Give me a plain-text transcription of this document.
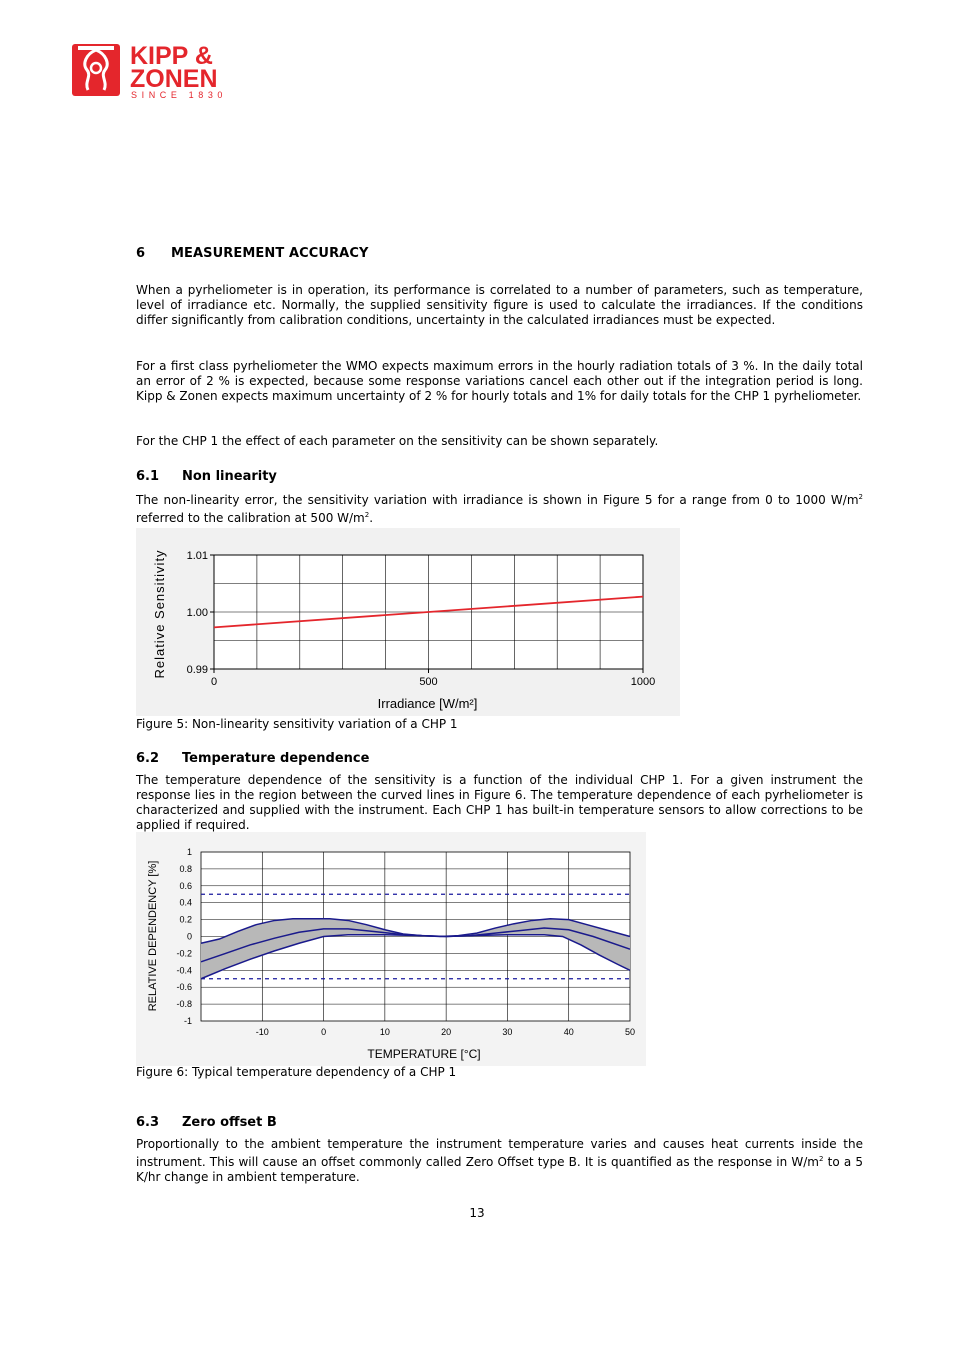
KIPP &
ZONEN
SINCE 1830
6 MEASUREMENT ACCURACY

When a pyrheliometer is in operation, its performance is correlated to a number of parameters, such as temperature, level of irradiance etc. Normally, the supplied sensitivity figure is used to calculate the irradiances. If the conditions differ significantly from calibration conditions, uncertainty in the calculated irradiances must be expected.

For a first class pyrheliometer the WMO expects maximum errors in the hourly radiation totals of 3 %. In the daily total an error of 2 % is expected, because some response variations cancel each other out if the integration period is long. Kipp & Zonen expects maximum uncertainty of 2 % for hourly totals and 1% for daily totals for the CHP 1 pyrheliometer.

For the CHP 1 the effect of each parameter on the sensitivity can be shown separately.

6.1 Non linearity

The non-linearity error, the sensitivity variation with irradiance is shown in Figure 5 for a range from 0 to 1000 $W/m^2$ referred to the calibration at 500 $W/m^2$.

0.99
1.00
1.01
0	500	1000
Irradiance [W/m²]
Relative Sensitivity
Figure 5: Non-linearity sensitivity variation of a CHP 1
6.2 Temperature dependence

The temperature dependence of the sensitivity is a function of the individual CHP 1. For a given instrument the response lies in the region between the curved lines in Figure 6. The temperature dependence of each pyrheliometer is characterized and supplied with the instrument. Each CHP 1 has built-in temperature sensors to allow corrections to be applied if required.

1
0.8
0.6
0.4
0.2
0
-0.2
-0.4
-0.6
-0.8
-1
-10	0	10	20	30	40	50
TEMPERATURE [°C]
RELATIVE DEPENDENCY [%]
Figure 6: Typical temperature dependency of a CHP 1
6.3 Zero offset B

Proportionally to the ambient temperature the instrument temperature varies and causes heat currents inside the instrument. This will cause an offset commonly called Zero Offset type B. It is quantified as the response in $W/m^2$ to a 5 K/hr change in ambient temperature.

13
